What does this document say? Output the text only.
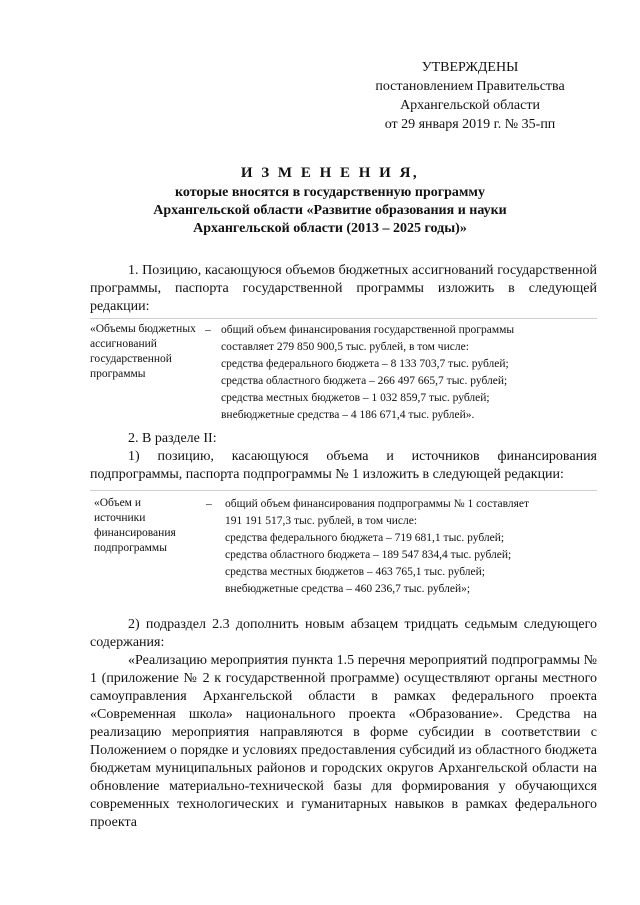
УТВЕРЖДЕНЫ
постановлением Правительства
Архангельской области
от 29 января 2019 г. № 35-пп
И З М Е Н Е Н И Я,
которые вносятся в государственную программу
Архангельской области «Развитие образования и науки
Архангельской области (2013 – 2025 годы)»
1. Позицию, касающуюся объемов бюджетных ассигнований государственной программы, паспорта государственной программы изложить в следующей редакции:
«Объемы бюджетных ассигнований государственной программы
– общий объем финансирования государственной программы
составляет 279 850 900,5 тыс. рублей, в том числе:
средства федерального бюджета – 8 133 703,7 тыс. рублей;
средства областного бюджета – 266 497 665,7 тыс. рублей;
средства местных бюджетов – 1 032 859,7 тыс. рублей;
внебюджетные средства – 4 186 671,4 тыс. рублей».
2. В разделе II:
1) позицию, касающуюся объема и источников финансирования подпрограммы, паспорта подпрограммы № 1 изложить в следующей редакции:
«Объем и источники финансирования подпрограммы
– общий объем финансирования подпрограммы № 1 составляет
191 191 517,3 тыс. рублей, в том числе:
средства федерального бюджета – 719 681,1 тыс. рублей;
средства областного бюджета – 189 547 834,4 тыс. рублей;
средства местных бюджетов – 463 765,1 тыс. рублей;
внебюджетные средства – 460 236,7 тыс. рублей»;
2) подраздел 2.3 дополнить новым абзацем тридцать седьмым следующего содержания:
«Реализацию мероприятия пункта 1.5 перечня мероприятий подпрограммы № 1 (приложение № 2 к государственной программе) осуществляют органы местного самоуправления Архангельской области в рамках федерального проекта «Современная школа» национального проекта «Образование». Средства на реализацию мероприятия направляются в форме субсидии в соответствии с Положением о порядке и условиях предоставления субсидий из областного бюджета бюджетам муниципальных районов и городских округов Архангельской области на обновление материально-технической базы для формирования у обучающихся современных технологических и гуманитарных навыков в рамках федерального проекта
